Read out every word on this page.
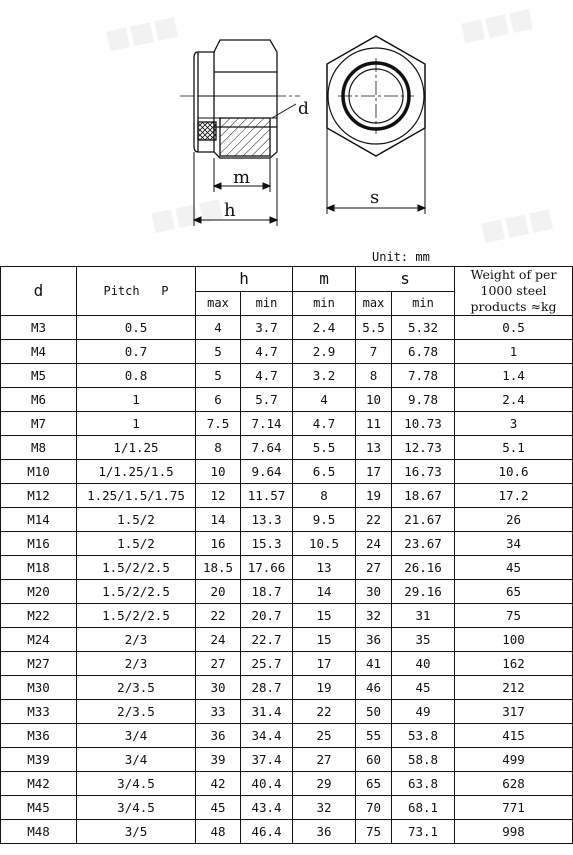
■■■	■■■
■■■	■■■
d
m
h
s
Unit: mm
d	Pitch   P	h		m	s		Weight of per 1000 steel products ≈kg
		max	min	min	max	min	
M3	0.5	4	3.7	2.4	5.5	5.32	0.5
M4	0.7	5	4.7	2.9	7	6.78	1
M5	0.8	5	4.7	3.2	8	7.78	1.4
M6	1	6	5.7	4	10	9.78	2.4
M7	1	7.5	7.14	4.7	11	10.73	3
M8	1/1.25	8	7.64	5.5	13	12.73	5.1
M10	1/1.25/1.5	10	9.64	6.5	17	16.73	10.6
M12	1.25/1.5/1.75	12	11.57	8	19	18.67	17.2
M14	1.5/2	14	13.3	9.5	22	21.67	26
M16	1.5/2	16	15.3	10.5	24	23.67	34
M18	1.5/2/2.5	18.5	17.66	13	27	26.16	45
M20	1.5/2/2.5	20	18.7	14	30	29.16	65
M22	1.5/2/2.5	22	20.7	15	32	31	75
M24	2/3	24	22.7	15	36	35	100
M27	2/3	27	25.7	17	41	40	162
M30	2/3.5	30	28.7	19	46	45	212
M33	2/3.5	33	31.4	22	50	49	317
M36	3/4	36	34.4	25	55	53.8	415
M39	3/4	39	37.4	27	60	58.8	499
M42	3/4.5	42	40.4	29	65	63.8	628
M45	3/4.5	45	43.4	32	70	68.1	771
M48	3/5	48	46.4	36	75	73.1	998
